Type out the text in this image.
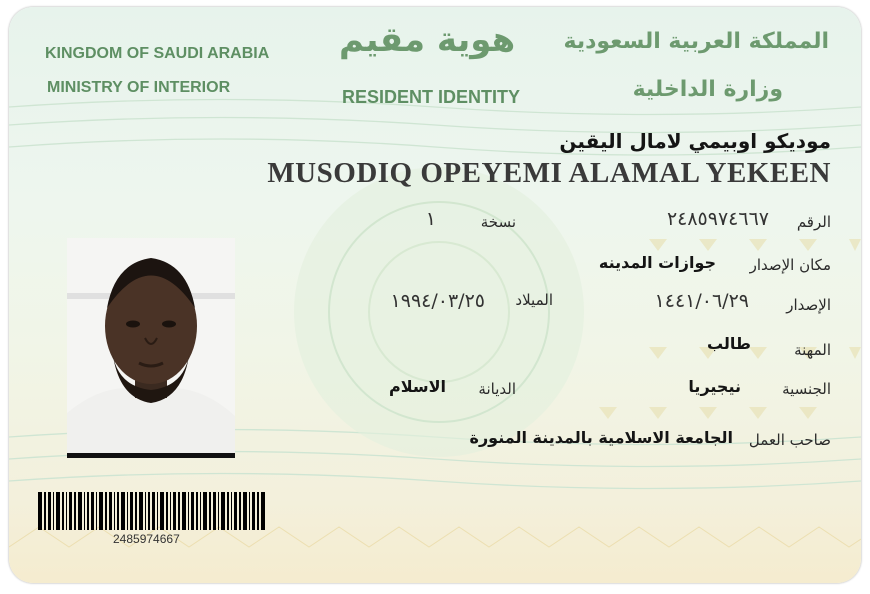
KINGDOM OF SAUDI ARABIA
MINISTRY OF INTERIOR
هوية مقيم
RESIDENT IDENTITY
المملكة العربية السعودية
وزارة الداخلية
موديكو اوبيمي لامال اليقين
MUSODIQ OPEYEMI ALAMAL YEKEEN
الرقم
٢٤٨٥٩٧٤٦٦٧
نسخة
١
مكان الإصدار
جوازات المدينه
الإصدار
١٤٤١/٠٦/٢٩
الميلاد
١٩٩٤/٠٣/٢٥
المهنة
طالب
الجنسية
نيجيريا
الديانة
الاسلام
صاحب العمل
الجامعة الاسلامية بالمدينة المنورة
2485974667
